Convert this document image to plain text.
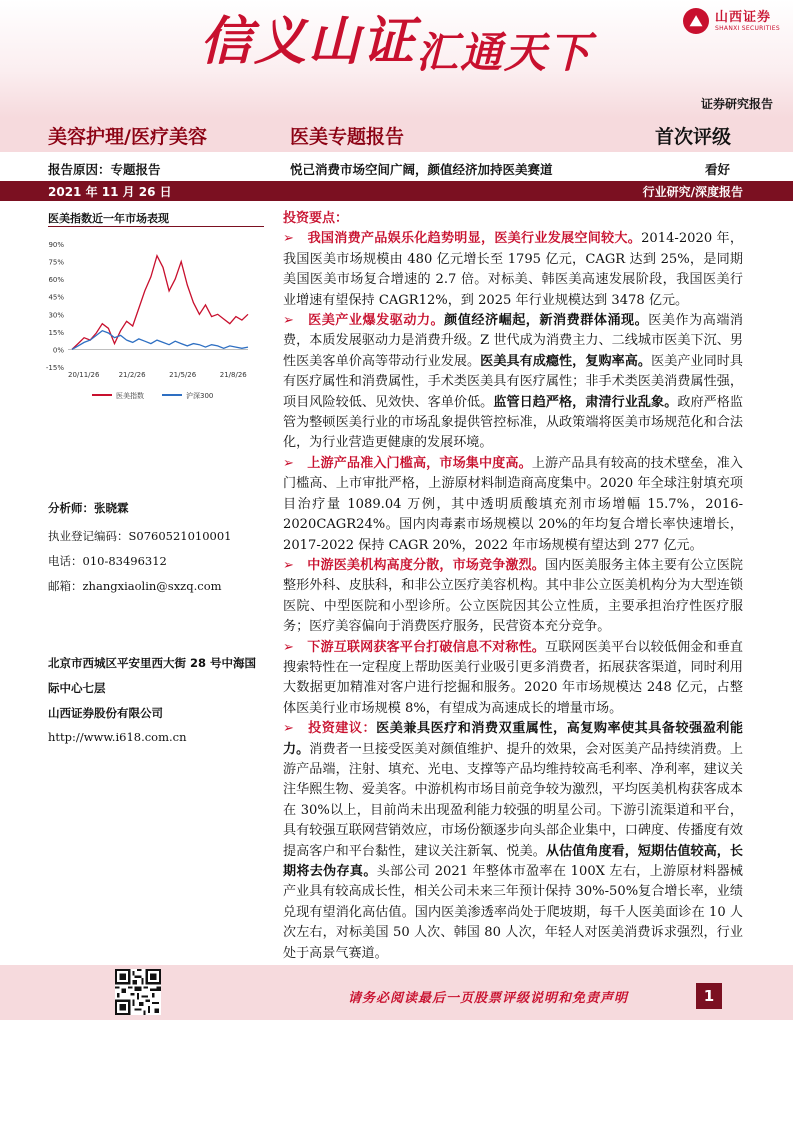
信义山证汇通天下
⛰ 山西证券
SHANXI SECURITIES
证券研究报告
美容护理/医疗美容	医美专题报告	首次评级
报告原因：专题报告	悦己消费市场空间广阔，颜值经济加持医美赛道	看好
2021 年 11 月 26 日	行业研究/深度报告
医美指数近一年市场表现
90%
75%
60%
45%
30%
15%
0%
-15%
20/11/26	21/2/26	21/5/26	21/8/26
医美指数	沪深300
分析师：张晓霖
执业登记编码：S0760521010001
电话：010-83496312
邮箱：zhangxiaolin@sxzq.com
北京市西城区平安里西大街 28 号中海国
际中心七层
山西证券股份有限公司
http://www.i618.com.cn
投资要点：

➢　我国消费产品娱乐化趋势明显，医美行业发展空间较大。2014-2020 年，我国医美市场规模由 480 亿元增长至 1795 亿元，CAGR 达到 25%，是同期美国医美市场复合增速的 2.7 倍。对标美、韩医美高速发展阶段，我国医美行业增速有望保持 CAGR12%，到 2025 年行业规模达到 3478 亿元。

➢　医美产业爆发驱动力。颜值经济崛起，新消费群体涌现。医美作为高端消费，本质发展驱动力是消费升级。Z 世代成为消费主力、二线城市医美下沉、男性医美客单价高等带动行业发展。医美具有成瘾性，复购率高。医美产业同时具有医疗属性和消费属性，手术类医美具有医疗属性；非手术类医美消费属性强，项目风险较低、见效快、客单价低。监管日趋严格，肃清行业乱象。政府严格监管为整顿医美行业的市场乱象提供管控标准，从政策端将医美市场规范化和合法化，为行业营造更健康的发展环境。

➢　上游产品准入门槛高，市场集中度高。上游产品具有较高的技术壁垒，准入门槛高、上市审批严格，上游原材料制造商高度集中。2020 年全球注射填充项目治疗量 1089.04 万例，其中透明质酸填充剂市场增幅 15.7%，2016-2020CAGR24%。国内肉毒素市场规模以 20%的年均复合增长率快速增长，2017-2022 保持 CAGR 20%，2022 年市场规模有望达到 277 亿元。

➢　中游医美机构高度分散，市场竞争激烈。国内医美服务主体主要有公立医院整形外科、皮肤科，和非公立医疗美容机构。其中非公立医美机构分为大型连锁医院、中型医院和小型诊所。公立医院因其公立性质，主要承担治疗性医疗服务；医疗美容偏向于消费医疗服务，民营资本充分竞争。

➢　下游互联网获客平台打破信息不对称性。互联网医美平台以较低佣金和垂直搜索特性在一定程度上帮助医美行业吸引更多消费者，拓展获客渠道，同时利用大数据更加精准对客户进行挖掘和服务。2020 年市场规模达 248 亿元，占整体医美行业市场规模 8%，有望成为高速成长的增量市场。

➢　投资建议：医美兼具医疗和消费双重属性，高复购率使其具备较强盈利能力。消费者一旦接受医美对颜值维护、提升的效果，会对医美产品持续消费。上游产品端，注射、填充、光电、支撑等产品均维持较高毛利率、净利率，建议关注华熙生物、爱美客。中游机构市场目前竞争较为激烈，平均医美机构获客成本在 30%以上，目前尚未出现盈利能力较强的明星公司。下游引流渠道和平台，具有较强互联网营销效应，市场份额逐步向头部企业集中，口碑度、传播度有效提高客户和平台黏性，建议关注新氧、悦美。从估值角度看，短期估值较高，长期将去伪存真。头部公司 2021 年整体市盈率在 100X 左右，上游原材料器械产业具有较高成长性，相关公司未来三年预计保持 30%-50%复合增长率，业绩兑现有望消化高估值。国内医美渗透率尚处于爬坡期，每千人医美面诊在 10 人次左右，对标美国 50 人次、韩国 80 人次，年轻人对医美消费诉求强烈，行业处于高景气赛道。

请务必阅读最后一页股票评级说明和免责声明	1
